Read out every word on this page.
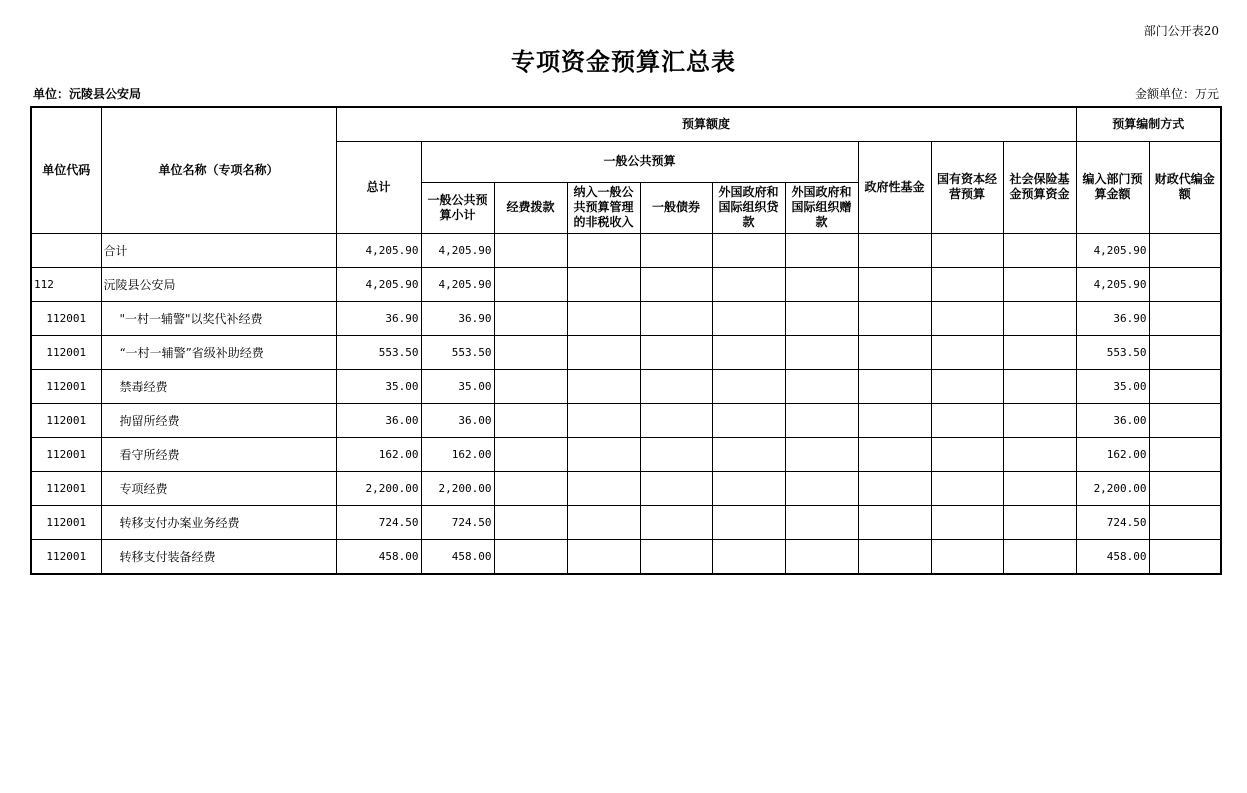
部门公开表20
专项资金预算汇总表
单位：沅陵县公安局	金额单位：万元
单位代码	单位名称（专项名称）	预算额度										预算编制方式	
		总计	一般公共预算						政府性基金	国有资本经营预算	社会保险基金预算资金	编入部门预算金额	财政代编金额
			一般公共预算小计	经费拨款	纳入一般公共预算管理的非税收入	一般债券	外国政府和国际组织贷款	外国政府和国际组织赠款					
	合计	4,205.90	4,205.90									4,205.90	
112	沅陵县公安局	4,205.90	4,205.90									4,205.90	
112001	"一村一辅警"以奖代补经费	36.90	36.90									36.90	
112001	“一村一辅警”省级补助经费	553.50	553.50									553.50	
112001	禁毒经费	35.00	35.00									35.00	
112001	拘留所经费	36.00	36.00									36.00	
112001	看守所经费	162.00	162.00									162.00	
112001	专项经费	2,200.00	2,200.00									2,200.00	
112001	转移支付办案业务经费	724.50	724.50									724.50	
112001	转移支付装备经费	458.00	458.00									458.00	
